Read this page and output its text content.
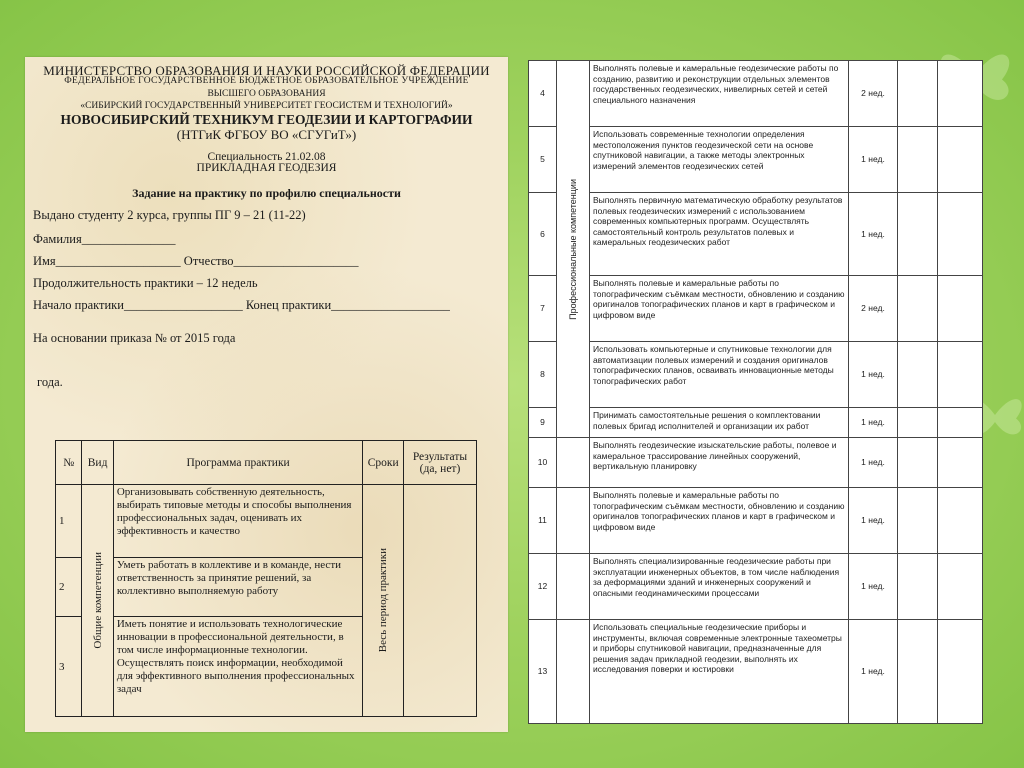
МИНИСТЕРСТВО ОБРАЗОВАНИЯ И НАУКИ РОССИЙСКОЙ ФЕДЕРАЦИИ
ФЕДЕРАЛЬНОЕ ГОСУДАРСТВЕННОЕ БЮДЖЕТНОЕ ОБРАЗОВАТЕЛЬНОЕ УЧРЕЖДЕНИЕ
ВЫСШЕГО ОБРАЗОВАНИЯ
«СИБИРСКИЙ ГОСУДАРСТВЕННЫЙ УНИВЕРСИТЕТ ГЕОСИСТЕМ И ТЕХНОЛОГИЙ»
НОВОСИБИРСКИЙ ТЕХНИКУМ ГЕОДЕЗИИ И КАРТОГРАФИИ
(НТГиК ФГБОУ ВО «СГУГиТ»)
Специальность 21.02.08
ПРИКЛАДНАЯ ГЕОДЕЗИЯ
Задание на практику по профилю специальности
Выдано студенту 2 курса, группы ПГ 9 – 21 (11-22)
Фамилия_______________
Имя____________________ Отчество____________________
Продолжительность практики – 12 недель
Начало практики___________________ Конец практики___________________
На основании приказа № от 2015 года
года.
№	Вид	Программа практики	Сроки	Результаты (да, нет)
1	Общие компетенции	Организовывать собственную деятельность, выбирать типовые методы и способы выполнения профессиональных задач, оценивать их эффективность и качество	Весь период практики	

2		Уметь работать в коллективе и в команде, нести ответственность за принятие решений, за коллективно выполняемую работу		
3		Иметь понятие и использовать технологические инновации в профессиональной деятельности, в том числе информационные технологии. Осуществлять поиск информации, необходимой для эффективного выполнения профессиональных задач		
4	Профессиональные компетенции	Выполнять полевые и камеральные геодезические работы по созданию, развитию и реконструкции отдельных элементов государственных геодезических, нивелирных сетей и сетей специального назначения	2 нед.		
5		Использовать современные технологии определения местоположения пунктов геодезической сети на основе спутниковой навигации, а также методы электронных измерений элементов геодезических сетей	1 нед.		
6		Выполнять первичную математическую обработку результатов полевых геодезических измерений с использованием современных компьютерных программ. Осуществлять самостоятельный контроль результатов полевых и камеральных геодезических работ	1 нед.		
7		Выполнять полевые и камеральные работы по топографическим съёмкам местности, обновлению и созданию оригиналов топографических планов и карт в графическом и цифровом виде	2 нед.		
8		Использовать компьютерные и спутниковые технологии для автоматизации полевых измерений и создания оригиналов топографических планов, осваивать инновационные методы топографических работ	1 нед.		
9		Принимать самостоятельные решения о комплектовании полевых бригад исполнителей и организации их работ	1 нед.		
10		Выполнять геодезические изыскательские работы, полевое и камеральное трассирование линейных сооружений, вертикальную планировку	1 нед.		
11		Выполнять полевые и камеральные работы по топографическим съёмкам местности, обновлению и созданию оригиналов топографических планов и карт в графическом и цифровом виде	1 нед.		
12		Выполнять специализированные геодезические работы при эксплуатации инженерных объектов, в том числе наблюдения за деформациями зданий и инженерных сооружений и опасными геодинамическими процессами	1 нед.		
13		Использовать специальные геодезические приборы и инструменты, включая современные электронные тахеометры и приборы спутниковой навигации, предназначенные для решения задач прикладной геодезии, выполнять их исследования поверки и юстировки	1 нед.		
